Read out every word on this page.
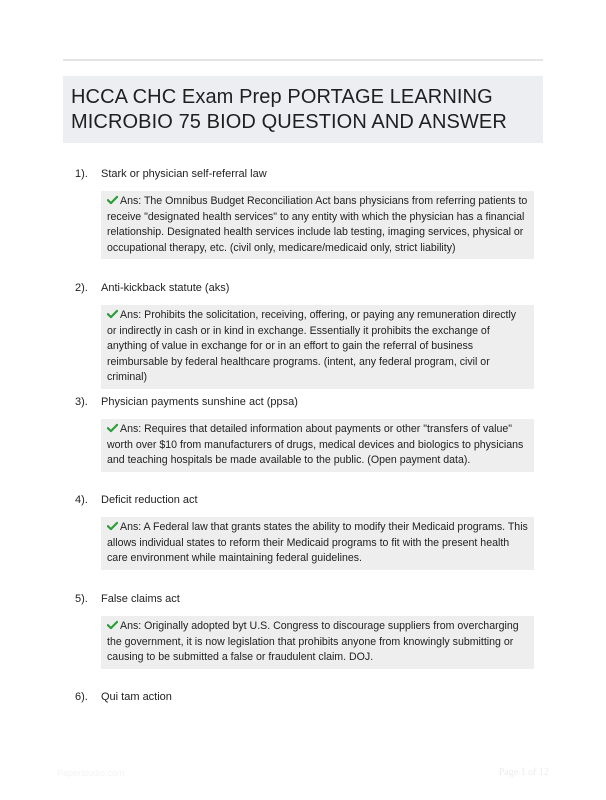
HCCA CHC Exam Prep PORTAGE LEARNING
MICROBIO 75 BIOD QUESTION AND ANSWER
1). Stark or physician self-referral law
Ans: The Omnibus Budget Reconciliation Act bans physicians from referring patients to receive "designated health services" to any entity with which the physician has a financial relationship. Designated health services include lab testing, imaging services, physical or occupational therapy, etc. (civil only, medicare/medicaid only, strict liability)
2). Anti-kickback statute (aks)
Ans: Prohibits the solicitation, receiving, offering, or paying any remuneration directly or indirectly in cash or in kind in exchange. Essentially it prohibits the exchange of anything of value in exchange for or in an effort to gain the referral of business reimbursable by federal healthcare programs. (intent, any federal program, civil or criminal)
3). Physician payments sunshine act (ppsa)
Ans: Requires that detailed information about payments or other "transfers of value" worth over $10 from manufacturers of drugs, medical devices and biologics to physicians and teaching hospitals be made available to the public. (Open payment data).
4). Deficit reduction act
Ans: A Federal law that grants states the ability to modify their Medicaid programs. This allows individual states to reform their Medicaid programs to fit with the present health care environment while maintaining federal guidelines.
5). False claims act
Ans: Originally adopted byt U.S. Congress to discourage suppliers from overcharging the government, it is now legislation that prohibits anyone from knowingly submitting or causing to be submitted a false or fraudulent claim. DOJ.
6). Qui tam action
Paperstudio.com	Page 1 of 12
